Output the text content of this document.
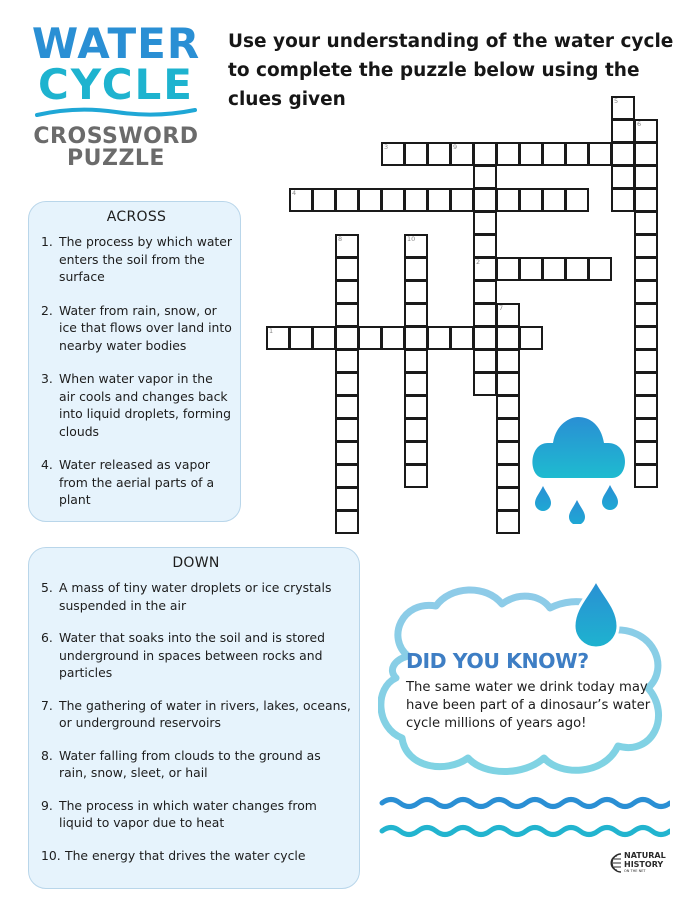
WATER
CYCLE
CROSSWORD
PUZZLE
Use your understanding of the water cycle to complete the puzzle below using the clues given
ACROSS
1. The process by which water enters the soil from the surface
2. Water from rain, snow, or ice that flows over land into nearby water bodies
3. When water vapor in the air cools and changes back into liquid droplets, forming clouds
4. Water released as vapor from the aerial parts of a plant
DOWN
5. A mass of tiny water droplets or ice crystals suspended in the air
6. Water that soaks into the soil and is stored underground in spaces between rocks and particles
7. The gathering of water in rivers, lakes, oceans, or underground reservoirs
8. Water falling from clouds to the ground as rain, snow, sleet, or hail
9. The process in which water changes from liquid to vapor due to heat
10. The energy that drives the water cycle
1
2
3	9
4
5
6
7
8	10
DID YOU KNOW?
The same water we drink today may have been part of a dinosaur’s water cycle millions of years ago!
NATURAL
HISTORY
ON THE NET
